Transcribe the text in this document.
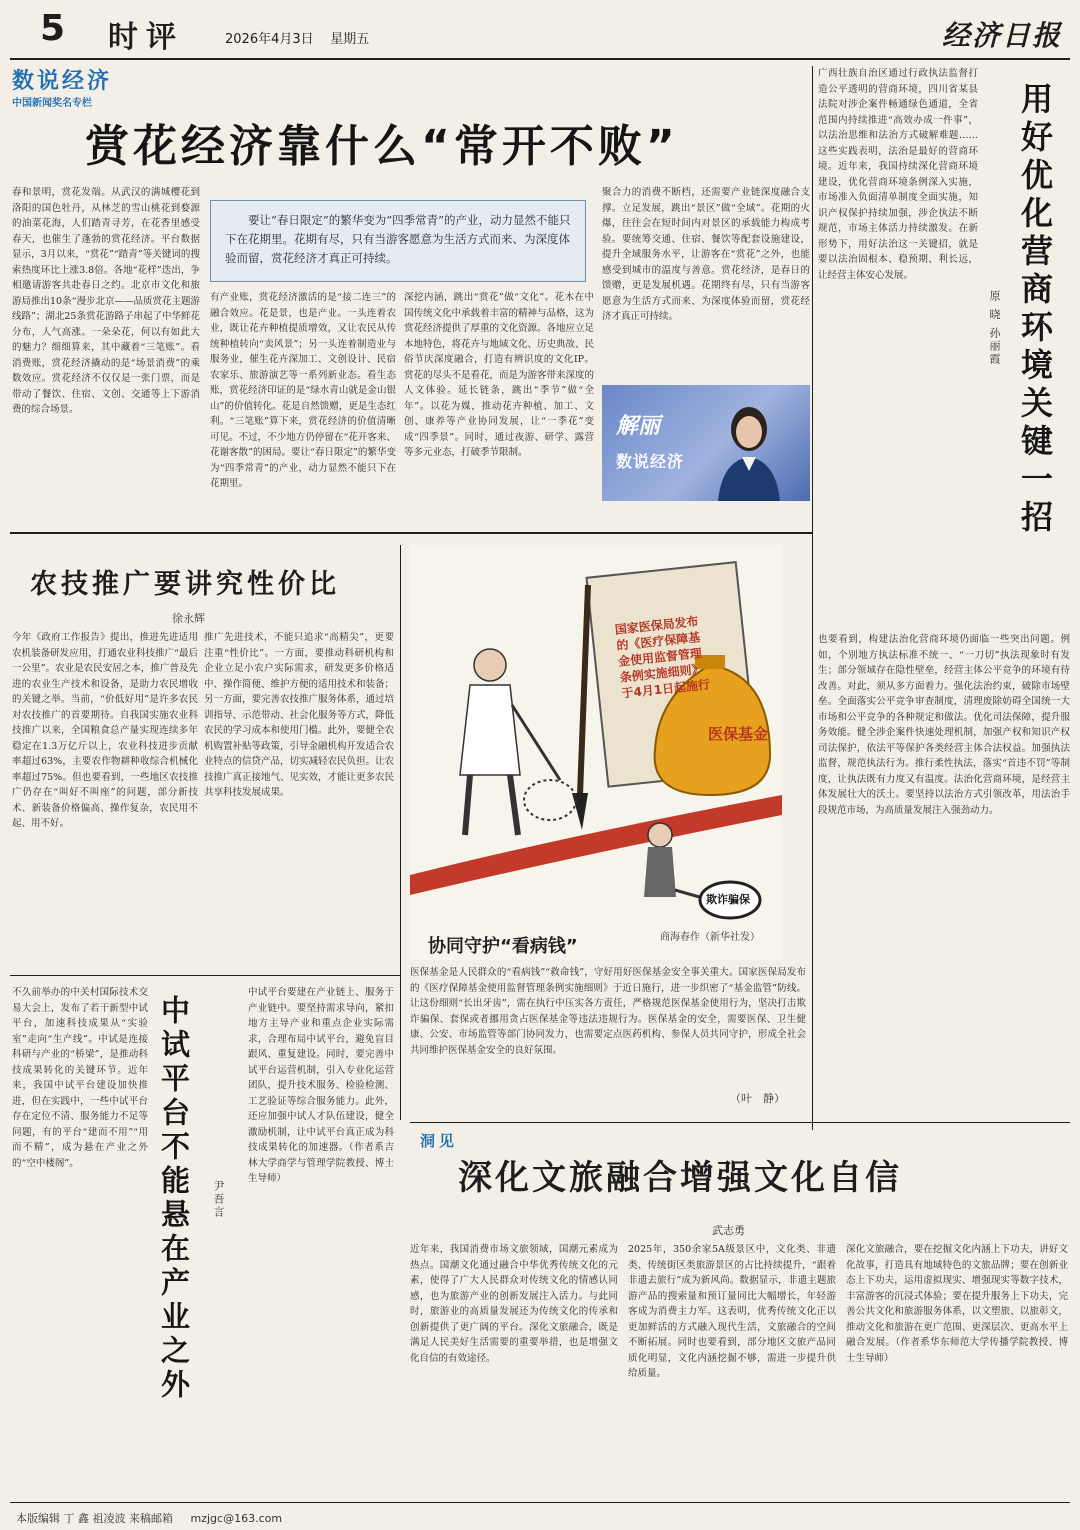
5 时评	2026年4月3日 星期五	经济日报
数说经济
中国新闻奖名专栏
赏花经济靠什么“常开不败”
要让“春日限定”的繁华变为“四季常青”的产业，动力显然不能只下在花期里。花期有尽，只有当游客愿意为生活方式而来、为深度体验而留，赏花经济才真正可持续。
春和景明，赏花发端。从武汉的满城樱花到洛阳的国色牡丹，从林芝的雪山桃花到婺源的油菜花海，人们踏青寻芳，在花香里感受春天，也催生了蓬勃的赏花经济。平台数据显示，3月以来，“赏花”“踏青”等关键词的搜索热度环比上涨3.8倍。各地“花样”迭出，争相邀请游客共赴春日之约。北京市文化和旅游局推出10条“漫步北京——品质赏花主题游线路”；湖北25条赏花游路子串起了中华鲜花分布，人气高涨。一朵朵花，何以有如此大的魅力？细细算来，其中藏着“三笔账”。看消费账，赏花经济撬动的是“场景消费”的乘数效应。赏花经济不仅仅是一张门票，而是带动了餐饮、住宿、文创、交通等上下游消费的综合场景。
有产业账，赏花经济激活的是“接二连三”的融合效应。花是景，也是产业。一头连着农业，既让花卉种植提质增效，又让农民从传统种植转向“卖风景”；另一头连着制造业与服务业，催生花卉深加工、文创设计、民宿农家乐、旅游演艺等一系列新业态。看生态账，赏花经济印证的是“绿水青山就是金山银山”的价值转化。花是自然馈赠，更是生态红利。“三笔账”算下来，赏花经济的价值清晰可见。不过，不少地方仍停留在“花开客来、花谢客散”的困局。要让“春日限定”的繁华变为“四季常青”的产业，动力显然不能只下在花期里。
深挖内涵，跳出“赏花”做“文化”。花木在中国传统文化中承载着丰富的精神与品格，这为赏花经济提供了厚重的文化资源。各地应立足本地特色，将花卉与地域文化、历史典故、民俗节庆深度融合，打造有辨识度的文化IP。赏花的尽头不是看花，而是为游客带来深度的人文体验。延长链条，跳出“季节”做“全年”。以花为媒，推动花卉种植、加工、文创、康养等产业协同发展，让“一季花”变成“四季景”。同时，通过夜游、研学、露营等多元业态，打破季节限制。
聚合力的消费不断档，还需要产业链深度融合支撑。立足发展，跳出“景区”做“全域”。花期的火爆，往往会在短时间内对景区的承载能力构成考验。要统筹交通、住宿、餐饮等配套设施建设，提升全域服务水平，让游客在“赏花”之外，也能感受到城市的温度与善意。赏花经济，是春日的馈赠，更是发展机遇。花期终有尽，只有当游客愿意为生活方式而来、为深度体验而留，赏花经济才真正可持续。
解丽
数说经济	用好优化营商环境关键一招
原 晓 孙丽霞
广西壮族自治区通过行政执法监督打造公平透明的营商环境，四川省某县法院对涉企案件畅通绿色通道，全省范围内持续推进“高效办成一件事”，以法治思维和法治方式破解难题……这些实践表明，法治是最好的营商环境。近年来，我国持续深化营商环境建设，优化营商环境条例深入实施，市场准入负面清单制度全面实施，知识产权保护持续加强，涉企执法不断规范，市场主体活力持续激发。在新形势下，用好法治这一关键招，就是要以法治固根本、稳预期、利长远，让经营主体安心发展。
也要看到，构建法治化营商环境仍面临一些突出问题。例如，个别地方执法标准不统一、“一刀切”执法现象时有发生；部分领域存在隐性壁垒，经营主体公平竞争的环境有待改善。对此，须从多方面着力。强化法治约束，破除市场壁垒。全面落实公平竞争审查制度，清理废除妨碍全国统一大市场和公平竞争的各种规定和做法。优化司法保障，提升服务效能。健全涉企案件快速处理机制，加强产权和知识产权司法保护，依法平等保护各类经营主体合法权益。加强执法监督，规范执法行为。推行柔性执法，落实“首违不罚”等制度，让执法既有力度又有温度。法治化营商环境，是经营主体发展壮大的沃土。要坚持以法治方式引领改革，用法治手段规范市场，为高质量发展注入强劲动力。
农技推广要讲究性价比
徐永辉
今年《政府工作报告》提出，推进先进适用农机装备研发应用，打通农业科技推广“最后一公里”。农业是农民安居之本，推广普及先进的农业生产技术和设备，是助力农民增收的关键之举。当前，“价低好用”是许多农民对农技推广的首要期待。自我国实施农业科技推广以来，全国粮食总产量实现连续多年稳定在1.3万亿斤以上，农业科技进步贡献率超过63%，主要农作物耕种收综合机械化率超过75%。但也要看到，一些地区农技推广仍存在“叫好不叫座”的问题，部分新技术、新装备价格偏高、操作复杂，农民用不起、用不好。
推广先进技术，不能只追求“高精尖”，更要注重“性价比”。一方面，要推动科研机构和企业立足小农户实际需求，研发更多价格适中、操作简便、维护方便的适用技术和装备；另一方面，要完善农技推广服务体系，通过培训指导、示范带动、社会化服务等方式，降低农民的学习成本和使用门槛。此外，要健全农机购置补贴等政策，引导金融机构开发适合农业特点的信贷产品，切实减轻农民负担。让农技推广真正接地气、见实效，才能让更多农民共享科技发展成果。
国家医保局发布的《医疗保障基金使用监督管理条例实施细则》于4月1日起施行
医保基金
欺诈骗保
协同守护“看病钱”	商海春作（新华社发）
医保基金是人民群众的“看病钱”“救命钱”，守好用好医保基金安全事关重大。国家医保局发布的《医疗保障基金使用监督管理条例实施细则》于近日施行，进一步织密了“基金监管”防线。让这份细则“长出牙齿”，需在执行中压实各方责任，严格规范医保基金使用行为，坚决打击欺诈骗保、套保或者挪用贪占医保基金等违法违规行为。医保基金的安全，需要医保、卫生健康、公安、市场监管等部门协同发力，也需要定点医药机构、参保人员共同守护，形成全社会共同维护医保基金安全的良好氛围。
（叶　静）
中试平台不能悬在产业之外	尹吾言
不久前举办的中关村国际技术交易大会上，发布了若干新型中试平台，加速科技成果从“实验室”走向“生产线”。中试是连接科研与产业的“桥梁”，是推动科技成果转化的关键环节。近年来，我国中试平台建设加快推进，但在实践中，一些中试平台存在定位不清、服务能力不足等问题，有的平台“建而不用”“用而不精”，成为悬在产业之外的“空中楼阁”。
中试平台要建在产业链上、服务于产业链中。要坚持需求导向，紧扣地方主导产业和重点企业实际需求，合理布局中试平台，避免盲目跟风、重复建设。同时，要完善中试平台运营机制，引入专业化运营团队，提升技术服务、检验检测、工艺验证等综合服务能力。此外，还应加强中试人才队伍建设，健全激励机制，让中试平台真正成为科技成果转化的加速器。（作者系吉林大学商学与管理学院教授、博士生导师）
洞见
深化文旅融合增强文化自信
武志勇
近年来，我国消费市场文旅领域，国潮元素成为热点。国潮文化通过融合中华优秀传统文化的元素，使得了广大人民群众对传统文化的情感认同感，也为旅游产业的创新发展注入活力。与此同时，旅游业的高质量发展还为传统文化的传承和创新提供了更广阔的平台。深化文旅融合，既是满足人民美好生活需要的重要举措，也是增强文化自信的有效途径。
2025年，350余家5A级景区中，文化类、非遗类、传统街区类旅游景区的占比持续提升，“跟着非遗去旅行”成为新风尚。数据显示，非遗主题旅游产品的搜索量和预订量同比大幅增长，年轻游客成为消费主力军。这表明，优秀传统文化正以更加鲜活的方式融入现代生活，文旅融合的空间不断拓展。同时也要看到，部分地区文旅产品同质化明显，文化内涵挖掘不够，需进一步提升供给质量。
深化文旅融合，要在挖掘文化内涵上下功夫，讲好文化故事，打造具有地域特色的文旅品牌；要在创新业态上下功夫，运用虚拟现实、增强现实等数字技术，丰富游客的沉浸式体验；要在提升服务上下功夫，完善公共文化和旅游服务体系，以文塑旅、以旅彰文，推动文化和旅游在更广范围、更深层次、更高水平上融合发展。（作者系华东师范大学传播学院教授、博士生导师）
本版编辑 丁 鑫 祖凌波 来稿邮箱 mzjgc@163.com
